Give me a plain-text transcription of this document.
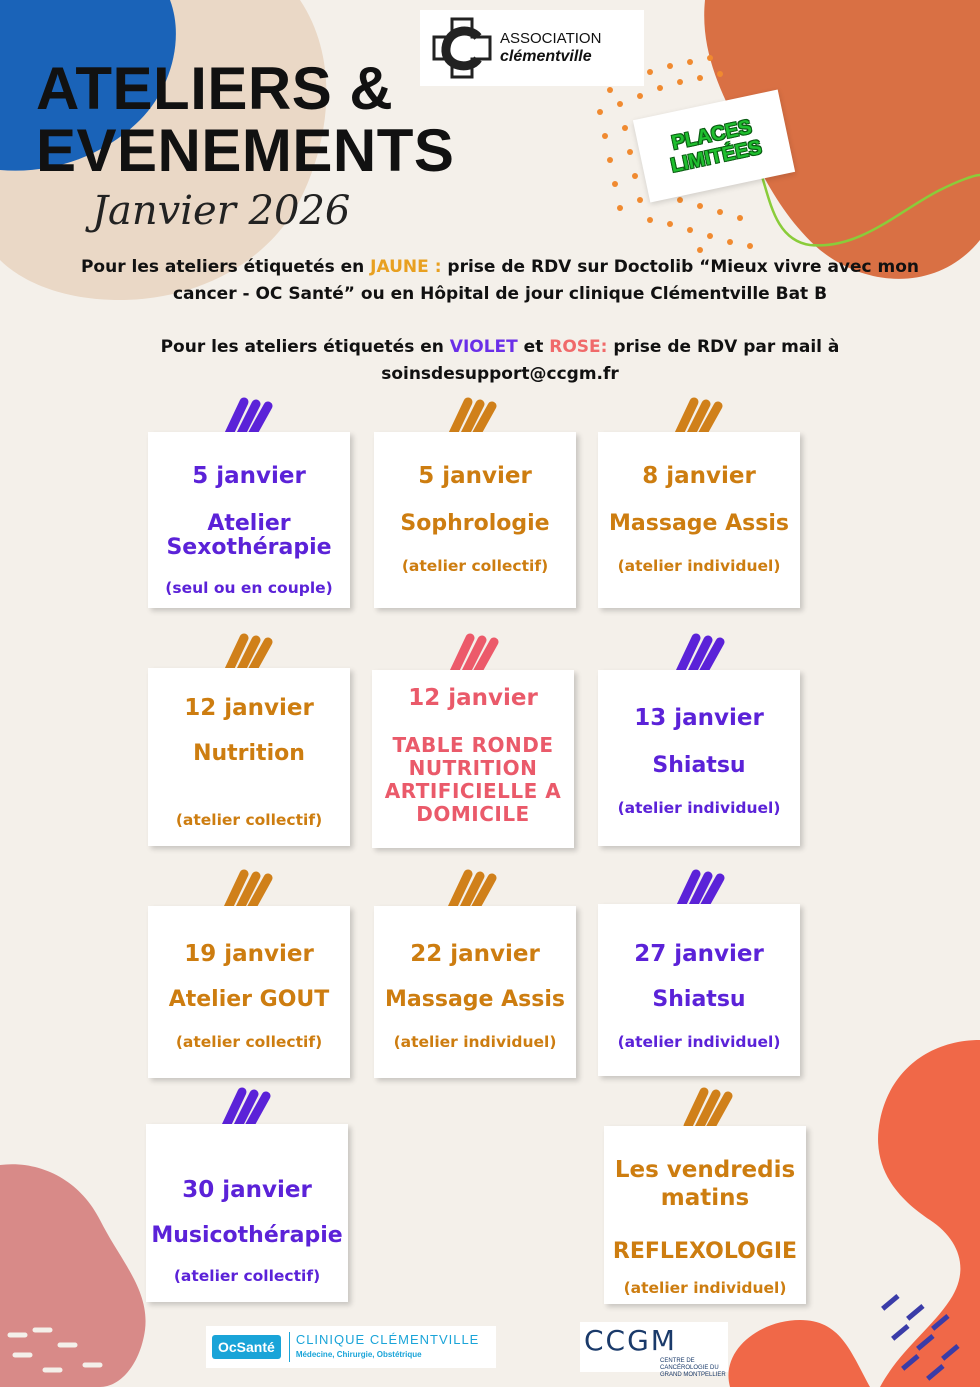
ASSOCIATION
clémentville
ATELIERS &
EVENEMENTS
Janvier 2026
PLACES LIMITÉES
Pour les ateliers étiquetés en JAUNE : prise de RDV sur Doctolib “Mieux vivre avec mon cancer - OC Santé” ou en Hôpital de jour clinique Clémentville Bat B
Pour les ateliers étiquetés en VIOLET et ROSE: prise de RDV par mail à soinsdesupport@ccgm.fr
5 janvier
Atelier Sexothérapie
(seul ou en couple)
5 janvier
Sophrologie
(atelier collectif)
8 janvier
Massage Assis
(atelier individuel)
12 janvier
Nutrition
(atelier collectif)
12 janvier
TABLE RONDE NUTRITION ARTIFICIELLE A DOMICILE
13 janvier
Shiatsu
(atelier individuel)
19 janvier
Atelier GOUT
(atelier collectif)
22 janvier
Massage Assis
(atelier individuel)
27 janvier
Shiatsu
(atelier individuel)
30 janvier
Musicothérapie
(atelier collectif)
Les vendredis matins
REFLEXOLOGIE
(atelier individuel)
OcSanté	CLINIQUE CLÉMENTVILLE
Médecine, Chirurgie, Obstétrique	CCGM
CENTRE DE CANCÉROLOGIE DU GRAND MONTPELLIER
